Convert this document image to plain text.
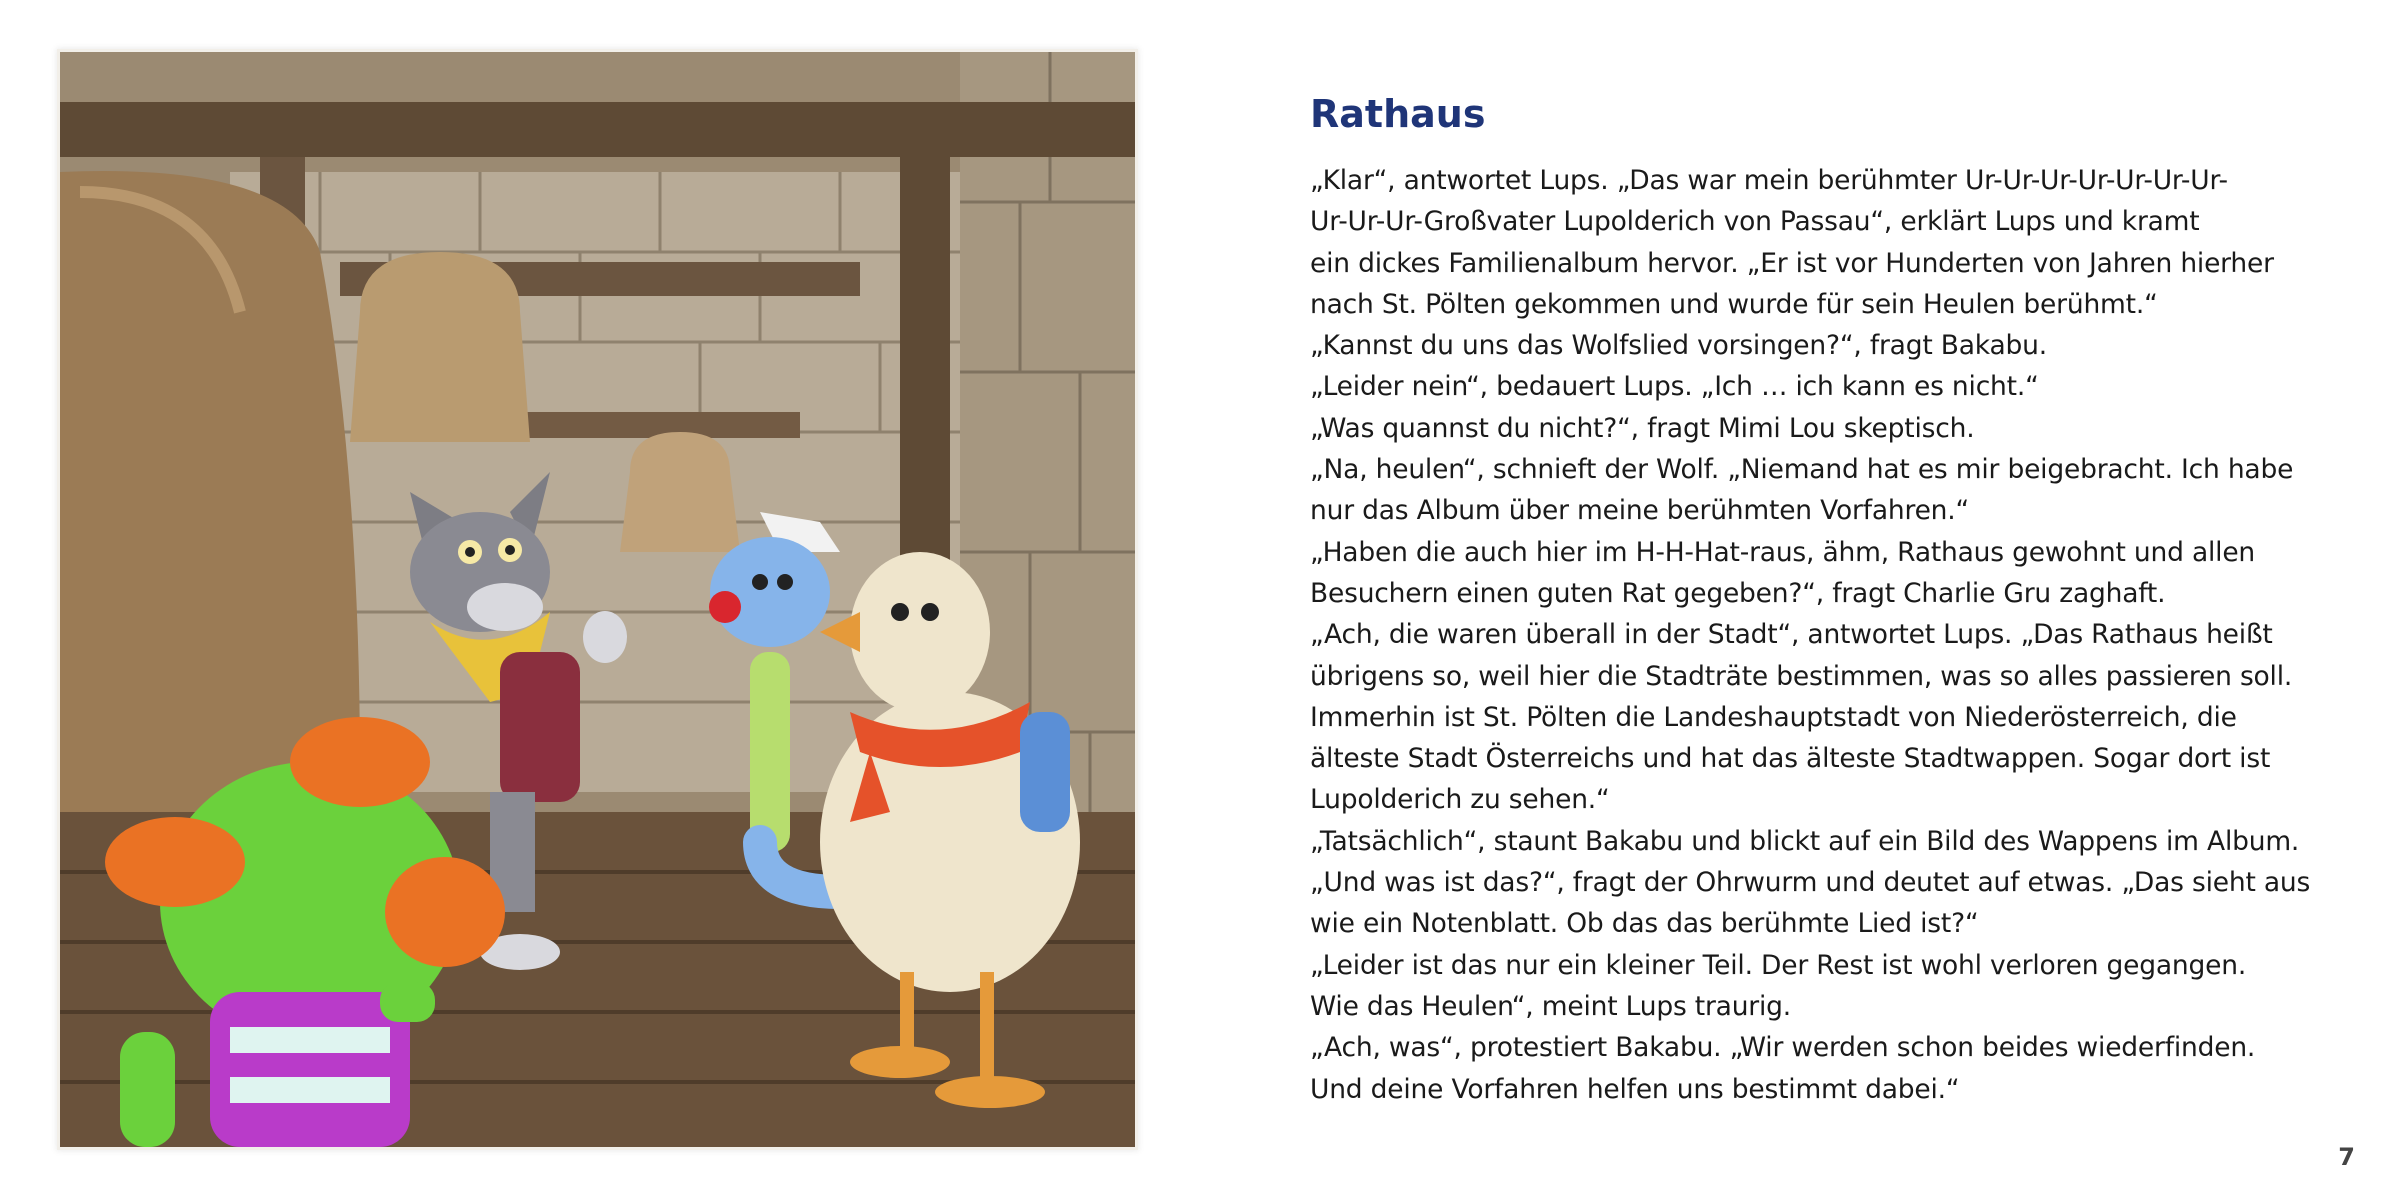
Rathaus
„Klar“, antwortet Lups. „Das war mein berühmter Ur-Ur-Ur-Ur-Ur-Ur-Ur-
Ur-Ur-Ur-Großvater Lupolderich von Passau“, erklärt Lups und kramt
ein dickes Familienalbum hervor. „Er ist vor Hunderten von Jahren hierher
nach St. Pölten gekommen und wurde für sein Heulen berühmt.“
„Kannst du uns das Wolfslied vorsingen?“, fragt Bakabu.
„Leider nein“, bedauert Lups. „Ich … ich kann es nicht.“
„Was quannst du nicht?“, fragt Mimi Lou skeptisch.
„Na, heulen“, schnieft der Wolf. „Niemand hat es mir beigebracht. Ich habe
nur das Album über meine berühmten Vorfahren.“
„Haben die auch hier im H-H-Hat-raus, ähm, Rathaus gewohnt und allen
Besuchern einen guten Rat gegeben?“, fragt Charlie Gru zaghaft.
„Ach, die waren überall in der Stadt“, antwortet Lups. „Das Rathaus heißt
übrigens so, weil hier die Stadträte bestimmen, was so alles passieren soll.
Immerhin ist St. Pölten die Landeshauptstadt von Niederösterreich, die
älteste Stadt Österreichs und hat das älteste Stadtwappen. Sogar dort ist
Lupolderich zu sehen.“
„Tatsächlich“, staunt Bakabu und blickt auf ein Bild des Wappens im Album.
„Und was ist das?“, fragt der Ohrwurm und deutet auf etwas. „Das sieht aus
wie ein Notenblatt. Ob das das berühmte Lied ist?“
„Leider ist das nur ein kleiner Teil. Der Rest ist wohl verloren gegangen.
Wie das Heulen“, meint Lups traurig.
„Ach, was“, protestiert Bakabu. „Wir werden schon beides wiederfinden.
Und deine Vorfahren helfen uns bestimmt dabei.“
7
